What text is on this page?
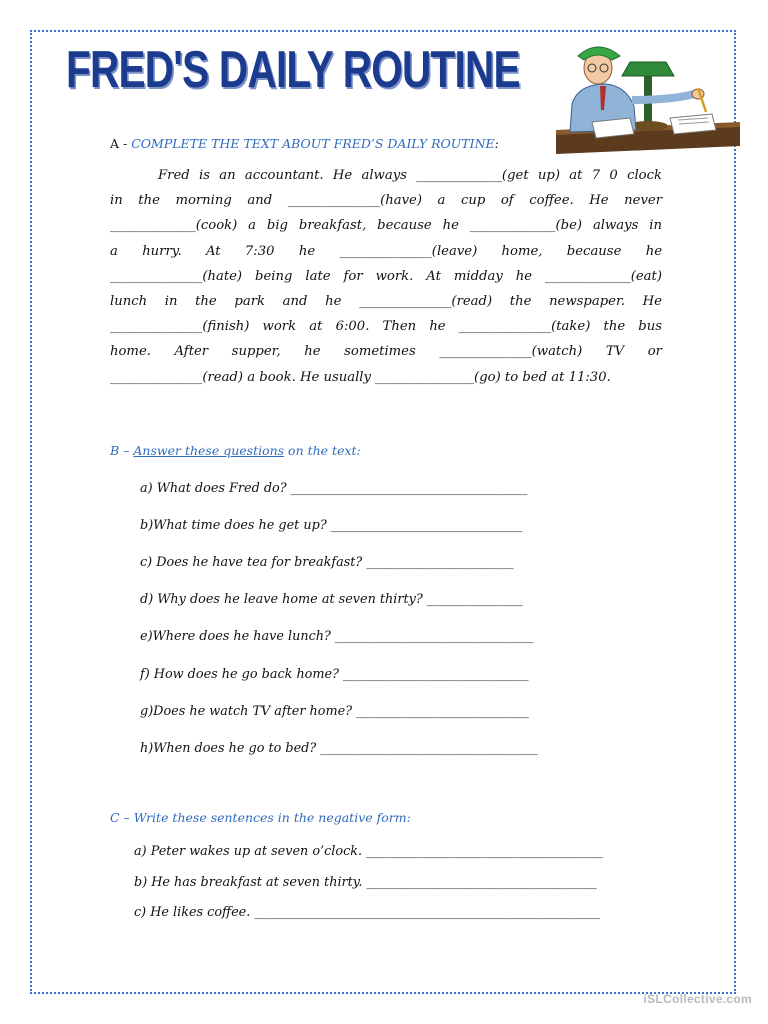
FRED'S DAILY ROUTINE
A - COMPLETE THE TEXT ABOUT FRED’S DAILY ROUTINE:
Fred is an accountant. He always _____________(get up) at 7 0 clock
in the morning and ______________(have) a cup of coffee. He never
_____________(cook) a big breakfast, because he _____________(be) always in
a hurry. At 7:30 he ______________(leave) home, because he
______________(hate) being late for work. At midday he _____________(eat)
lunch in the park and he ______________(read) the newspaper. He
______________(finish) work at 6:00. Then he ______________(take) the bus
home. After supper, he sometimes ______________(watch) TV or
______________(read) a book. He usually _______________(go) to bed at 11:30.
B – Answer these questions on the text:
a) What does Fred do? _____________________________________
b)What time does he get up? ______________________________
c) Does he have tea for breakfast? _______________________
d) Why does he leave home at seven thirty? _______________
e)Where does he have lunch? _______________________________
f) How does he go back home? _____________________________
g)Does he watch TV after home? ___________________________
h)When does he go to bed? __________________________________
C – Write these sentences in the negative form:
a) Peter wakes up at seven o’clock. _____________________________________
b) He has breakfast at seven thirty. ____________________________________
c) He likes coffee. ______________________________________________________
iSLCollective.com
